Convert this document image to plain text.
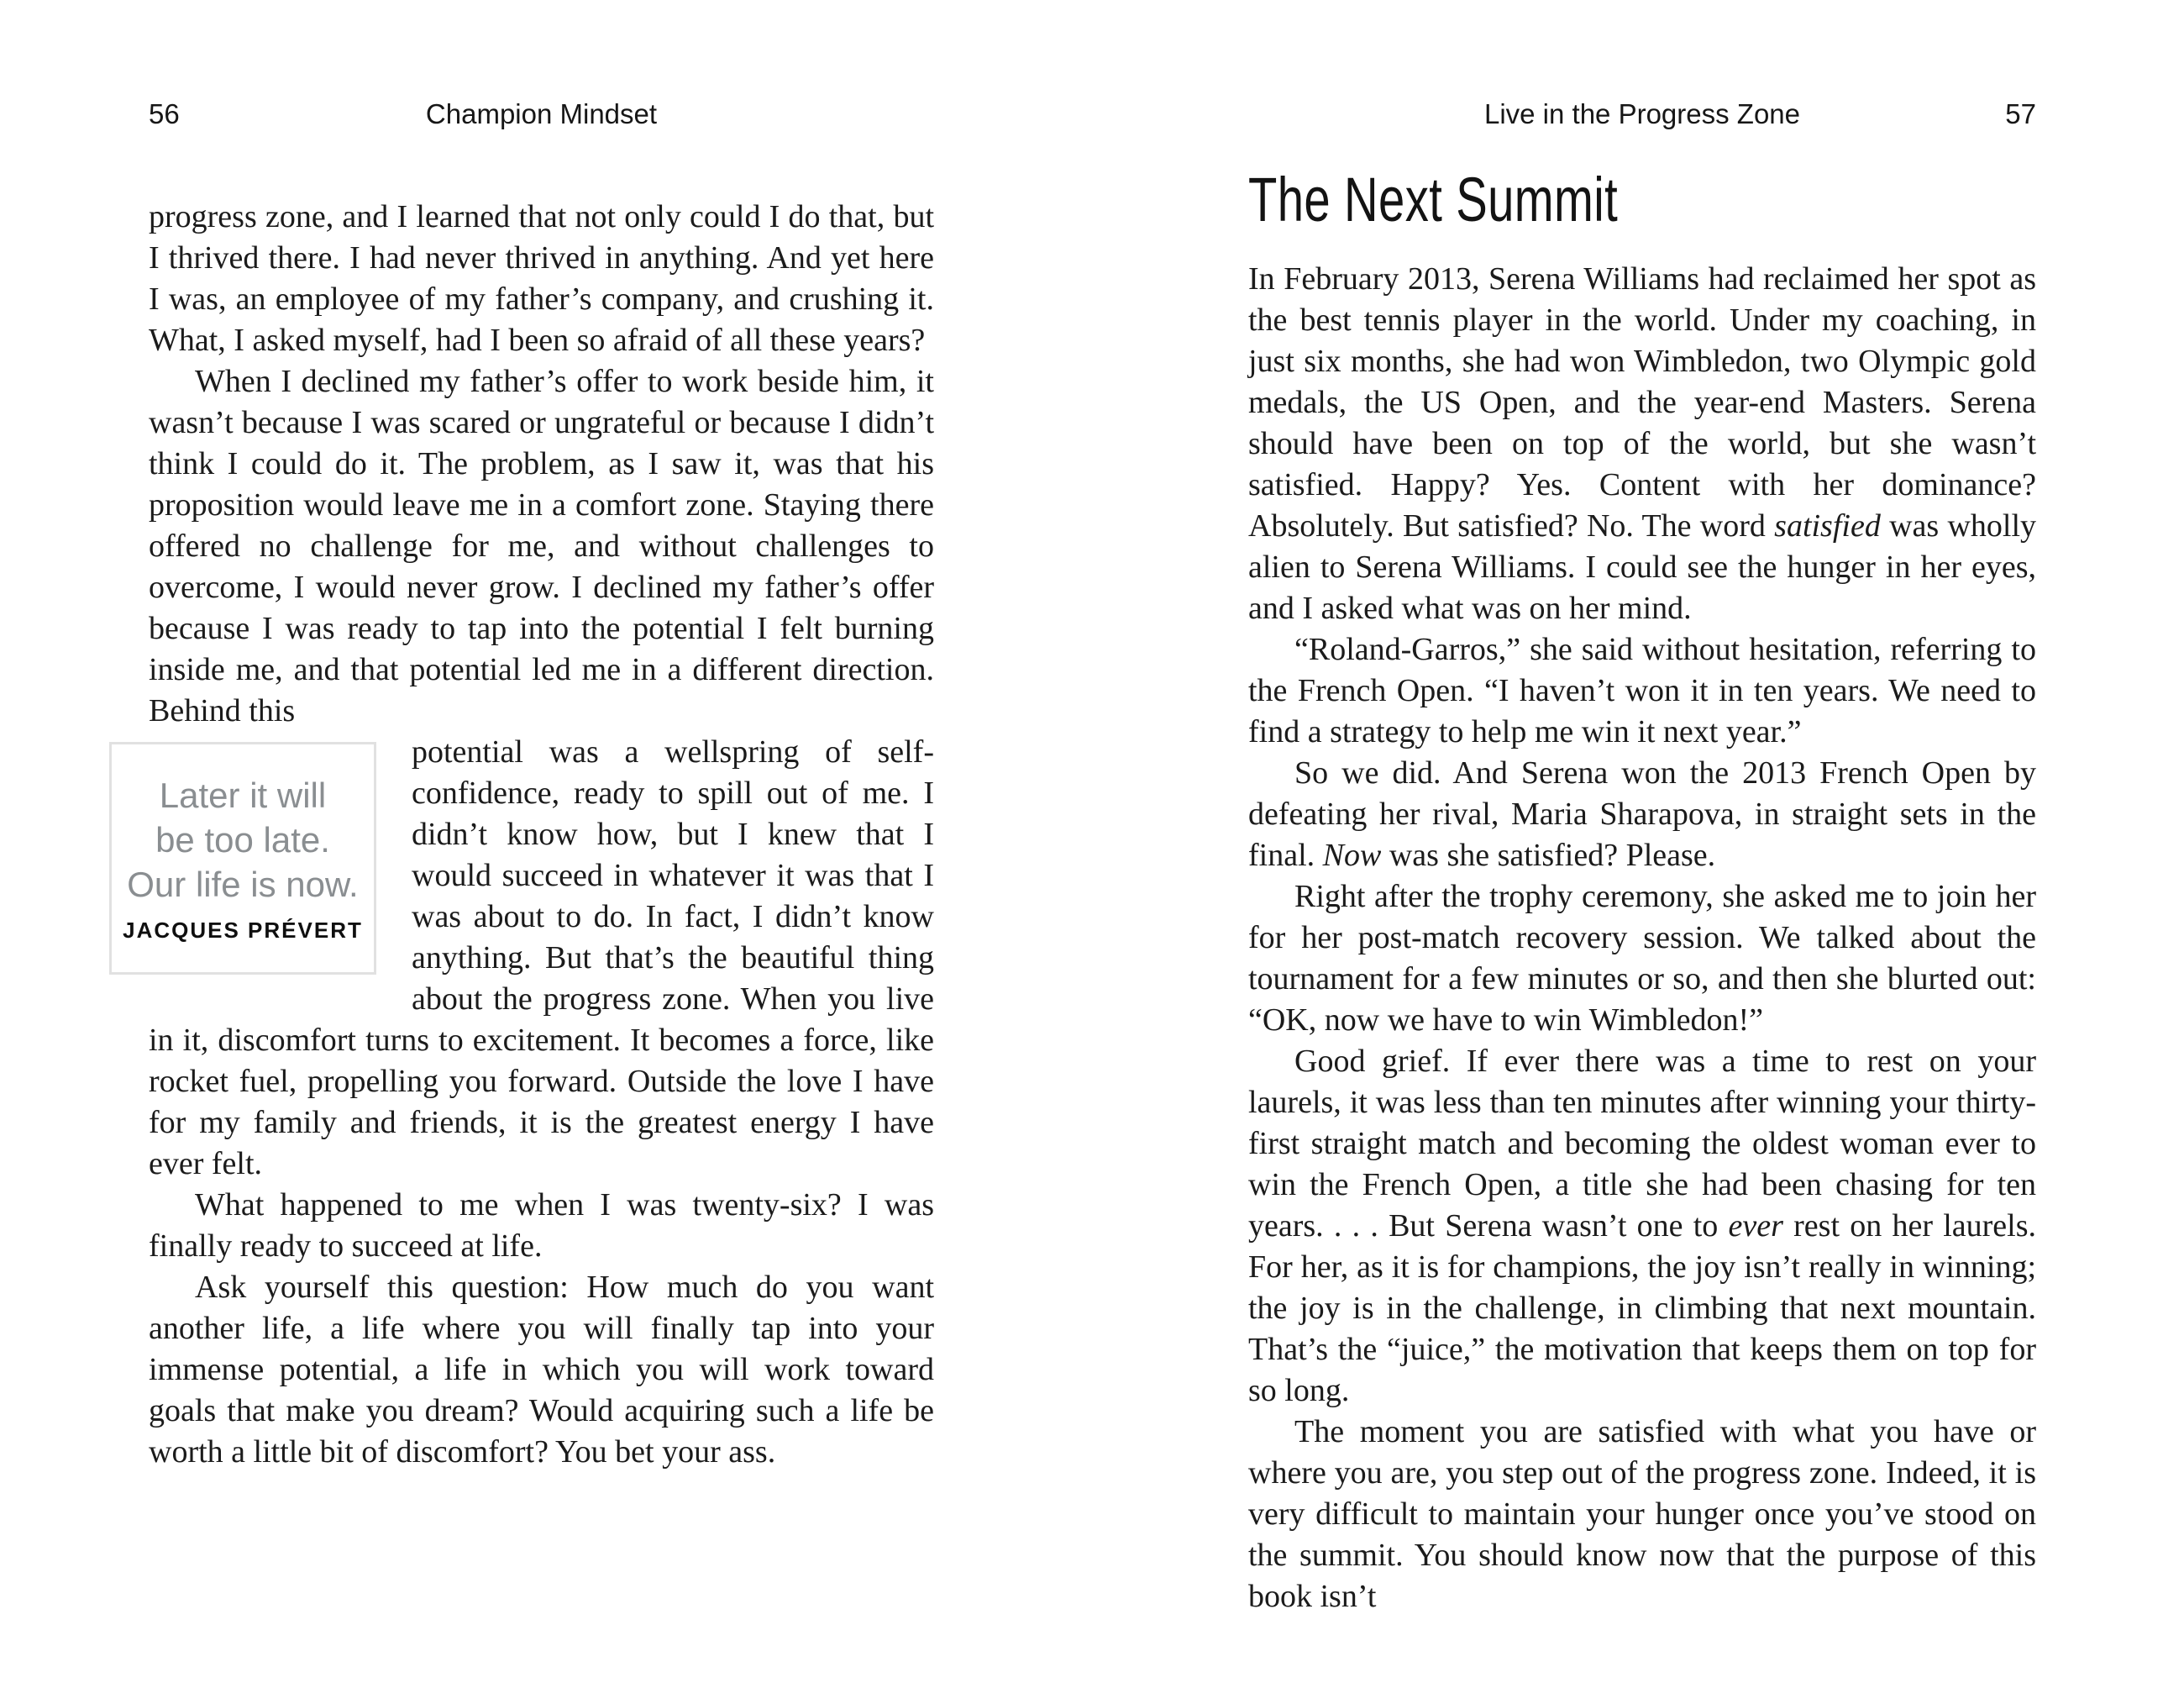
56	Champion Mindset	Live in the Progress Zone	57

progress zone, and I learned that not only could I do that, but I thrived there. I had never thrived in anything. And yet here I was, an employee of my father’s company, and crushing it. What, I asked myself, had I been so afraid of all these years?

When I declined my father’s offer to work beside him, it wasn’t because I was scared or ungrateful or because I didn’t think I could do it. The problem, as I saw it, was that his proposition would leave me in a comfort zone. Staying there offered no challenge for me, and without challenges to overcome, I would never grow. I declined my father’s offer because I was ready to tap into the potential I felt burning inside me, and that potential led me in a different direction. Behind this

Later it will
be too late.
Our life is now.
JACQUES PRÉVERT
potential was a wellspring of self-confidence, ready to spill out of me. I didn’t know how, but I knew that I would succeed in whatever it was that I was about to do. In fact, I didn’t know anything. But that’s the beautiful thing about the progress zone. When you live in it, discomfort turns to excitement. It becomes a force, like rocket fuel, propelling you forward. Outside the love I have for my family and friends, it is the greatest energy I have ever felt.

What happened to me when I was twenty-six? I was finally ready to succeed at life.

Ask yourself this question: How much do you want another life, a life where you will finally tap into your immense potential, a life in which you will work toward goals that make you dream? Would acquiring such a life be worth a little bit of discomfort? You bet your ass.

The Next Summit

In February 2013, Serena Williams had reclaimed her spot as the best tennis player in the world. Under my coaching, in just six months, she had won Wimbledon, two Olympic gold medals, the US Open, and the year-end Masters. Serena should have been on top of the world, but she wasn’t satisfied. Happy? Yes. Content with her dominance? Absolutely. But satisfied? No. The word satisfied was wholly alien to Serena Williams. I could see the hunger in her eyes, and I asked what was on her mind.

“Roland-Garros,” she said without hesitation, referring to the French Open. “I haven’t won it in ten years. We need to find a strategy to help me win it next year.”

So we did. And Serena won the 2013 French Open by defeating her rival, Maria Sharapova, in straight sets in the final. Now was she satisfied? Please.

Right after the trophy ceremony, she asked me to join her for her post-match recovery session. We talked about the tournament for a few minutes or so, and then she blurted out: “OK, now we have to win Wimbledon!”

Good grief. If ever there was a time to rest on your laurels, it was less than ten minutes after winning your thirty-first straight match and becoming the oldest woman ever to win the French Open, a title she had been chasing for ten years. . . . But Serena wasn’t one to ever rest on her laurels. For her, as it is for champions, the joy isn’t really in winning; the joy is in the challenge, in climbing that next mountain. That’s the “juice,” the motivation that keeps them on top for so long.

The moment you are satisfied with what you have or where you are, you step out of the progress zone. Indeed, it is very difficult to maintain your hunger once you’ve stood on the summit. You should know now that the purpose of this book isn’t
